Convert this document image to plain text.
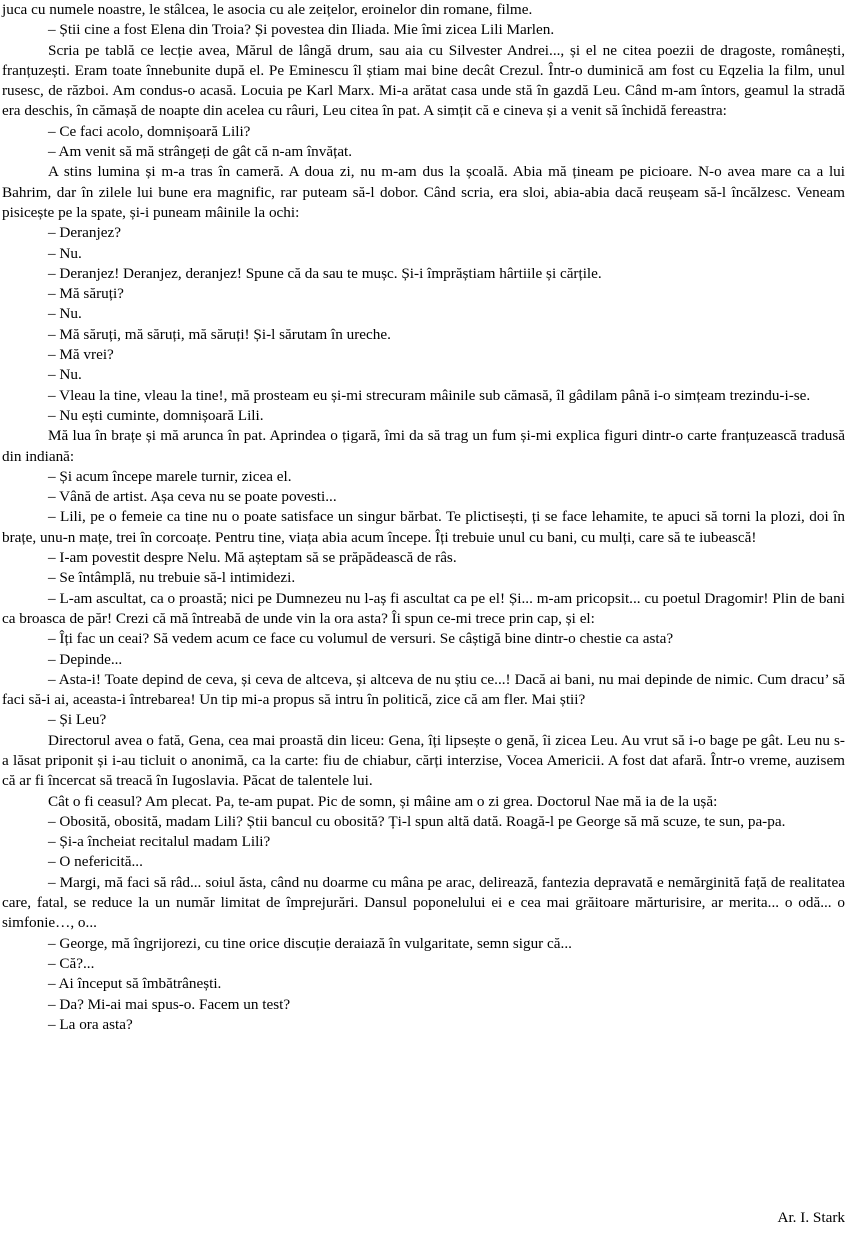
juca cu numele noastre, le stâlcea, le asocia cu ale zeițelor, eroinelor din romane, filme.

– Știi cine a fost Elena din Troia? Și povestea din Iliada. Mie îmi zicea Lili Marlen.

Scria pe tablă ce lecție avea, Mărul de lângă drum, sau aia cu Silvester Andrei..., și el ne citea poezii de dragoste, românești, franțuzești. Eram toate înnebunite după el. Pe Eminescu îl știam mai bine decât Crezul. Într-o duminică am fost cu Eqzelia la film, unul rusesc, de război. Am condus-o acasă. Locuia pe Karl Marx. Mi-a arătat casa unde stă în gazdă Leu. Când m-am întors, geamul la stradă era deschis, în cămașă de noapte din acelea cu râuri, Leu citea în pat. A simțit că e cineva și a venit să închidă fereastra:

– Ce faci acolo, domnișoară Lili?

– Am venit să mă strângeți de gât că n-am învățat.

A stins lumina și m-a tras în cameră. A doua zi, nu m-am dus la școală. Abia mă țineam pe picioare. N-o avea mare ca a lui Bahrim, dar în zilele lui bune era magnific, rar puteam să-l dobor. Când scria, era sloi, abia-abia dacă reușeam să-l încălzesc. Veneam pisicește pe la spate, și-i puneam mâinile la ochi:

– Deranjez?

– Nu.

– Deranjez! Deranjez, deranjez! Spune că da sau te mușc. Și-i împrăștiam hârtiile și cărțile.

– Mă săruți?

– Nu.

– Mă săruți, mă săruți, mă săruți! Și-l sărutam în ureche.

– Mă vrei?

– Nu.

– Vleau la tine, vleau la tine!, mă prosteam eu și-mi strecuram mâinile sub cămasă, îl gâdilam până i-o simțeam trezindu-i-se.

– Nu ești cuminte, domnișoară Lili.

Mă lua în brațe și mă arunca în pat. Aprindea o țigară, îmi da să trag un fum și-mi explica figuri dintr-o carte franțuzească tradusă din indiană:

– Și acum începe marele turnir, zicea el.

– Vână de artist. Așa ceva nu se poate povesti...

– Lili, pe o femeie ca tine nu o poate satisface un singur bărbat. Te plictisești, ți se face lehamite, te apuci să torni la plozi, doi în brațe, unu-n mațe, trei în corcoațe. Pentru tine, viața abia acum începe. Îți trebuie unul cu bani, cu mulți, care să te iubească!

– I-am povestit despre Nelu. Mă așteptam să se prăpădească de râs.

– Se întâmplă, nu trebuie să-l intimidezi.

– L-am ascultat, ca o proastă; nici pe Dumnezeu nu l-aș fi ascultat ca pe el! Și... m-am pricopsit... cu poetul Dragomir! Plin de bani ca broasca de păr! Crezi că mă întreabă de unde vin la ora asta? Îi spun ce-mi trece prin cap, și el:

– Îți fac un ceai? Să vedem acum ce face cu volumul de versuri. Se câștigă bine dintr-o chestie ca asta?

– Depinde...

– Asta-i! Toate depind de ceva, și ceva de altceva, și altceva de nu știu ce...! Dacă ai bani, nu mai depinde de nimic. Cum dracu’ să faci să-i ai, aceasta-i întrebarea! Un tip mi-a propus să intru în politică, zice că am fler. Mai știi?

– Și Leu?

Directorul avea o fată, Gena, cea mai proastă din liceu: Gena, îți lipsește o genă, îi zicea Leu. Au vrut să i-o bage pe gât. Leu nu s-a lăsat priponit și i-au ticluit o anonimă, ca la carte: fiu de chiabur, cărți interzise, Vocea Americii. A fost dat afară. Într-o vreme, auzisem că ar fi încercat să treacă în Iugoslavia. Păcat de talentele lui.

Cât o fi ceasul? Am plecat. Pa, te-am pupat. Pic de somn, și mâine am o zi grea. Doctorul Nae mă ia de la ușă:

– Obosită, obosită, madam Lili? Știi bancul cu obosită? Ți-l spun altă dată. Roagă-l pe George să mă scuze, te sun, pa-pa.

– Și-a încheiat recitalul madam Lili?

– O nefericită...

– Margi, mă faci să râd... soiul ăsta, când nu doarme cu mâna pe arac, delirează, fantezia depravată e nemărginită față de realitatea care, fatal, se reduce la un număr limitat de împrejurări. Dansul poponelului ei e cea mai grăitoare mărturisire, ar merita... o odă... o simfonie…, o...

– George, mă îngrijorezi, cu tine orice discuție deraiază în vulgaritate, semn sigur că...

– Că?...

– Ai început să îmbătrânești.

– Da? Mi-ai mai spus-o. Facem un test?

– La ora asta?

Ar. I. Stark
